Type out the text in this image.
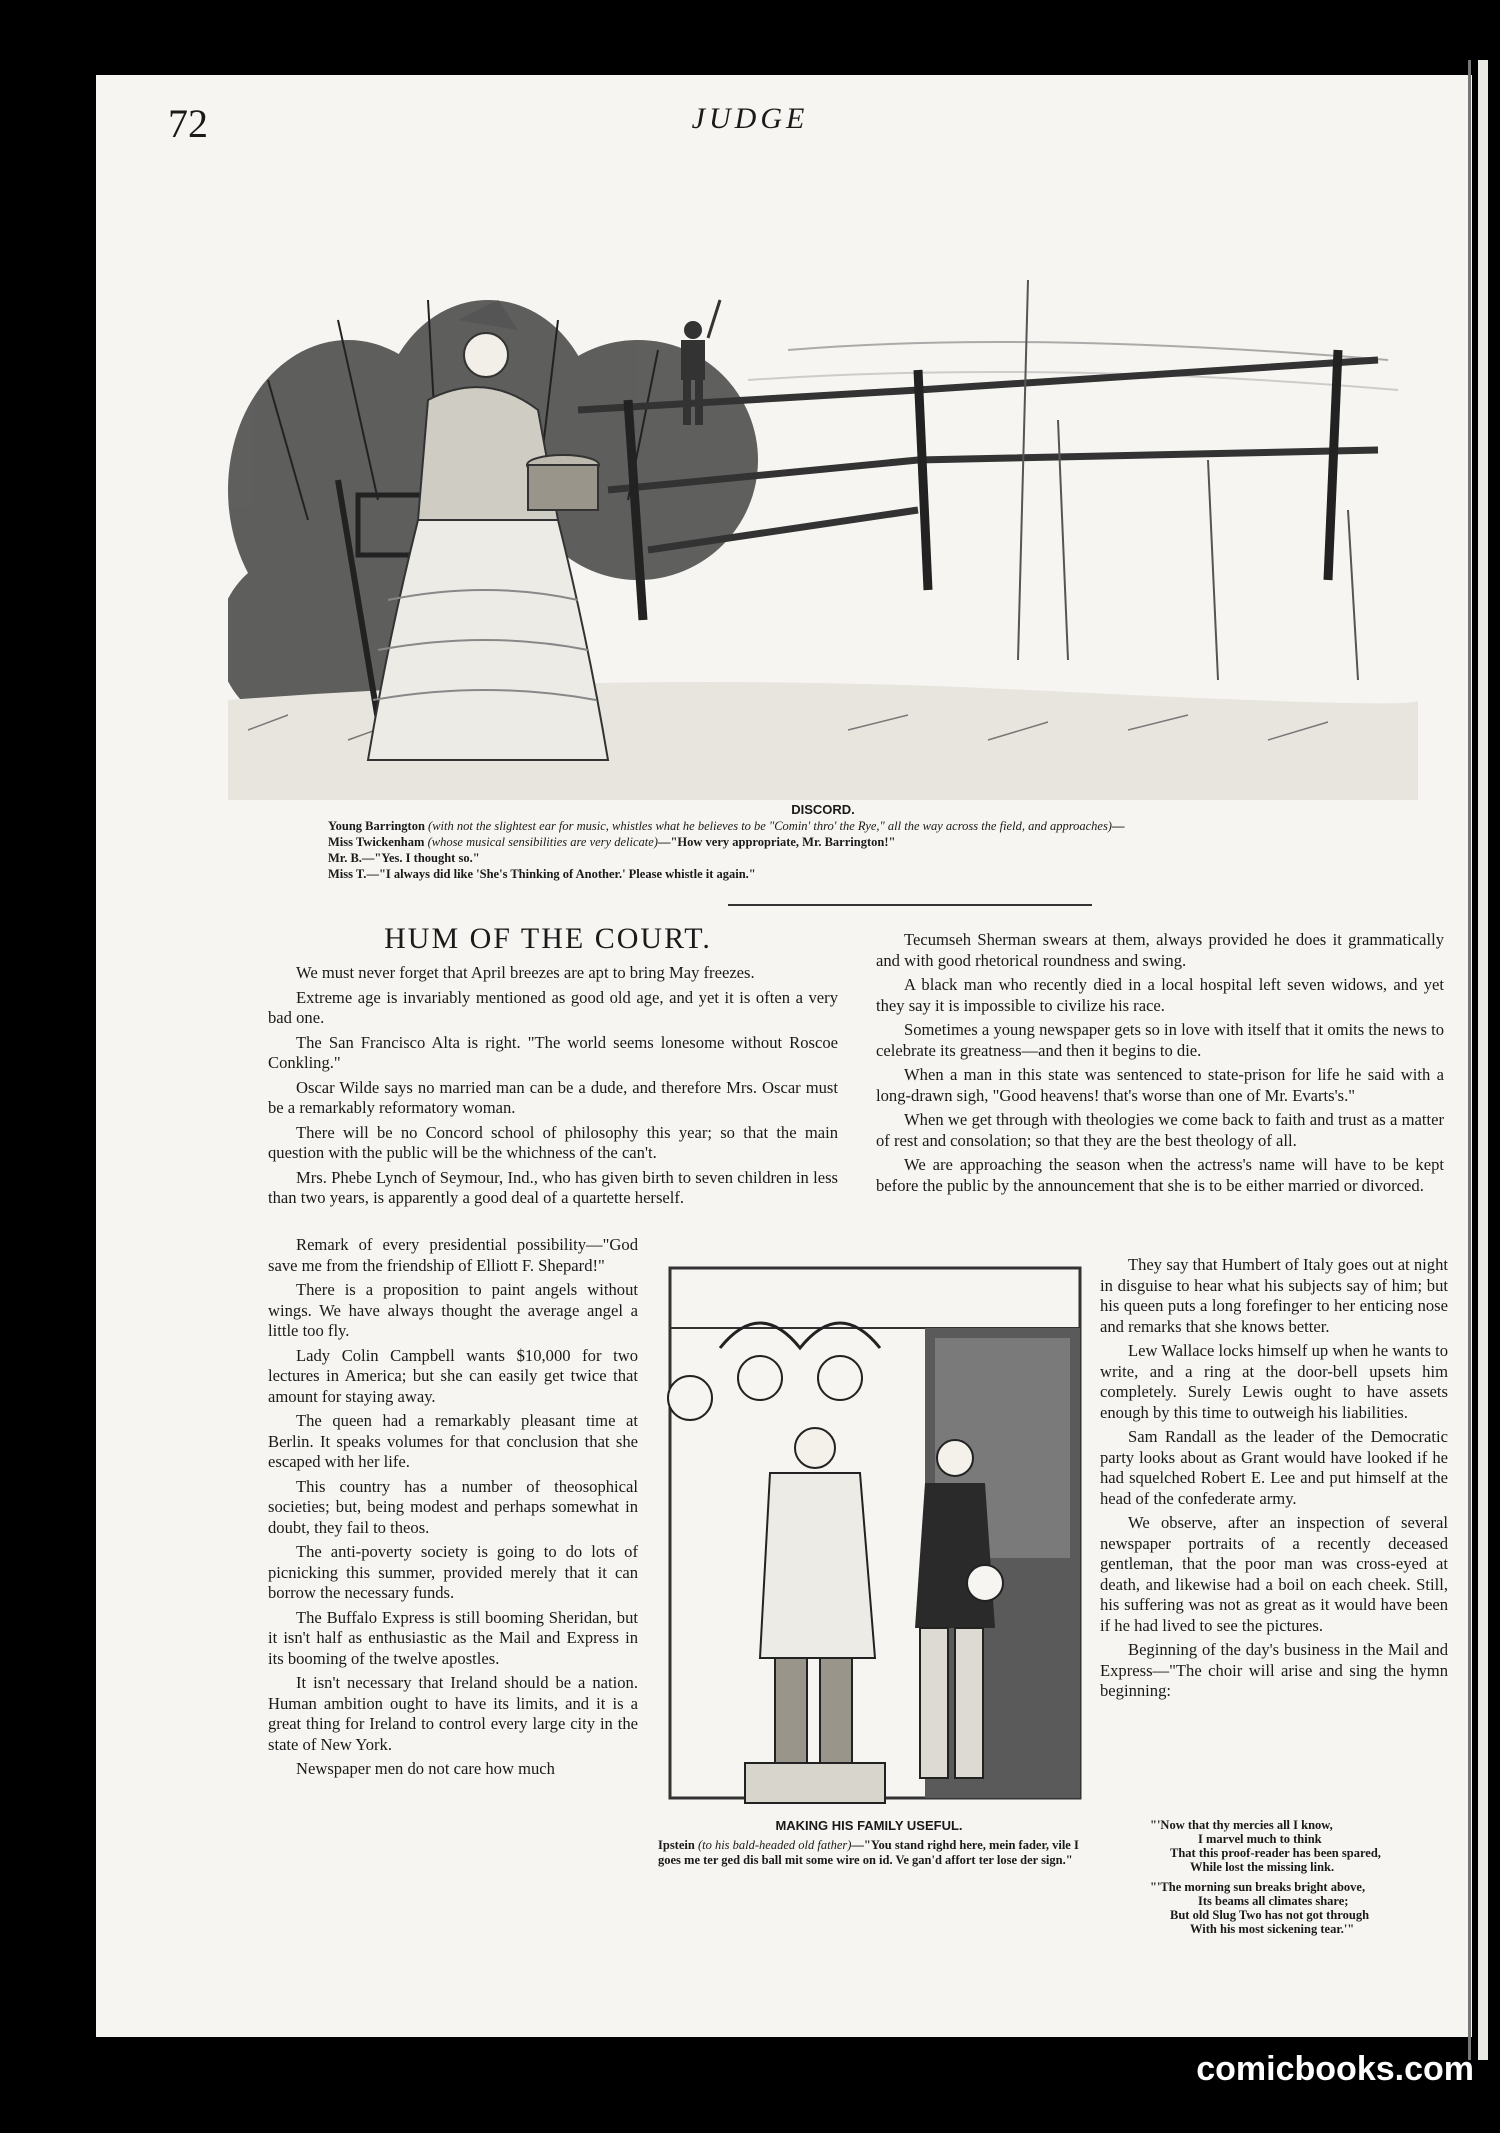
72	JUDGE
DISCORD.
Young Barrington (with not the slightest ear for music, whistles what he believes to be "Comin' thro' the Rye," all the way across the field, and approaches)—
Miss Twickenham (whose musical sensibilities are very delicate)—"How very appropriate, Mr. Barrington!"
Mr. B.—"Yes. I thought so."
Miss T.—"I always did like 'She's Thinking of Another.' Please whistle it again."
HUM OF THE COURT.

We must never forget that April breezes are apt to bring May freezes.

Extreme age is invariably mentioned as good old age, and yet it is often a very bad one.

The San Francisco Alta is right. "The world seems lonesome without Roscoe Conkling."

Oscar Wilde says no married man can be a dude, and therefore Mrs. Oscar must be a remarkably reformatory woman.

There will be no Concord school of philosophy this year; so that the main question with the public will be the whichness of the can't.

Mrs. Phebe Lynch of Seymour, Ind., who has given birth to seven children in less than two years, is apparently a good deal of a quartette herself.

Remark of every presidential possibility—"God save me from the friendship of Elliott F. Shepard!"

There is a proposition to paint angels without wings. We have always thought the average angel a little too fly.

Lady Colin Campbell wants $10,000 for two lectures in America; but she can easily get twice that amount for staying away.

The queen had a remarkably pleasant time at Berlin. It speaks volumes for that conclusion that she escaped with her life.

This country has a number of theosophical societies; but, being modest and perhaps somewhat in doubt, they fail to theos.

The anti-poverty society is going to do lots of picnicking this summer, provided merely that it can borrow the necessary funds.

The Buffalo Express is still booming Sheridan, but it isn't half as enthusiastic as the Mail and Express in its booming of the twelve apostles.

It isn't necessary that Ireland should be a nation. Human ambition ought to have its limits, and it is a great thing for Ireland to control every large city in the state of New York.

Newspaper men do not care how much

Tecumseh Sherman swears at them, always provided he does it grammatically and with good rhetorical roundness and swing.

A black man who recently died in a local hospital left seven widows, and yet they say it is impossible to civilize his race.

Sometimes a young newspaper gets so in love with itself that it omits the news to celebrate its greatness—and then it begins to die.

When a man in this state was sentenced to state-prison for life he said with a long-drawn sigh, "Good heavens! that's worse than one of Mr. Evarts's."

When we get through with theologies we come back to faith and trust as a matter of rest and consolation; so that they are the best theology of all.

We are approaching the season when the actress's name will have to be kept before the public by the announcement that she is to be either married or divorced.

MAKING HIS FAMILY USEFUL.
Ipstein (to his bald-headed old father)—"You stand righd here, mein fader, vile I goes me ter ged dis ball mit some wire on id. Ve gan'd affort ter lose der sign."

They say that Humbert of Italy goes out at night in disguise to hear what his subjects say of him; but his queen puts a long forefinger to her enticing nose and remarks that she knows better.

Lew Wallace locks himself up when he wants to write, and a ring at the door-bell upsets him completely. Surely Lewis ought to have assets enough by this time to outweigh his liabilities.

Sam Randall as the leader of the Democratic party looks about as Grant would have looked if he had squelched Robert E. Lee and put himself at the head of the confederate army.

We observe, after an inspection of several newspaper portraits of a recently deceased gentleman, that the poor man was cross-eyed at death, and likewise had a boil on each cheek. Still, his suffering was not as great as it would have been if he had lived to see the pictures.

Beginning of the day's business in the Mail and Express—"The choir will arise and sing the hymn beginning:

"'Now that thy mercies all I know,
I marvel much to think
That this proof-reader has been spared,
While lost the missing link.
"'The morning sun breaks bright above,
Its beams all climates share;
But old Slug Two has not got through
With his most sickening tear.'"
comicbooks.com
